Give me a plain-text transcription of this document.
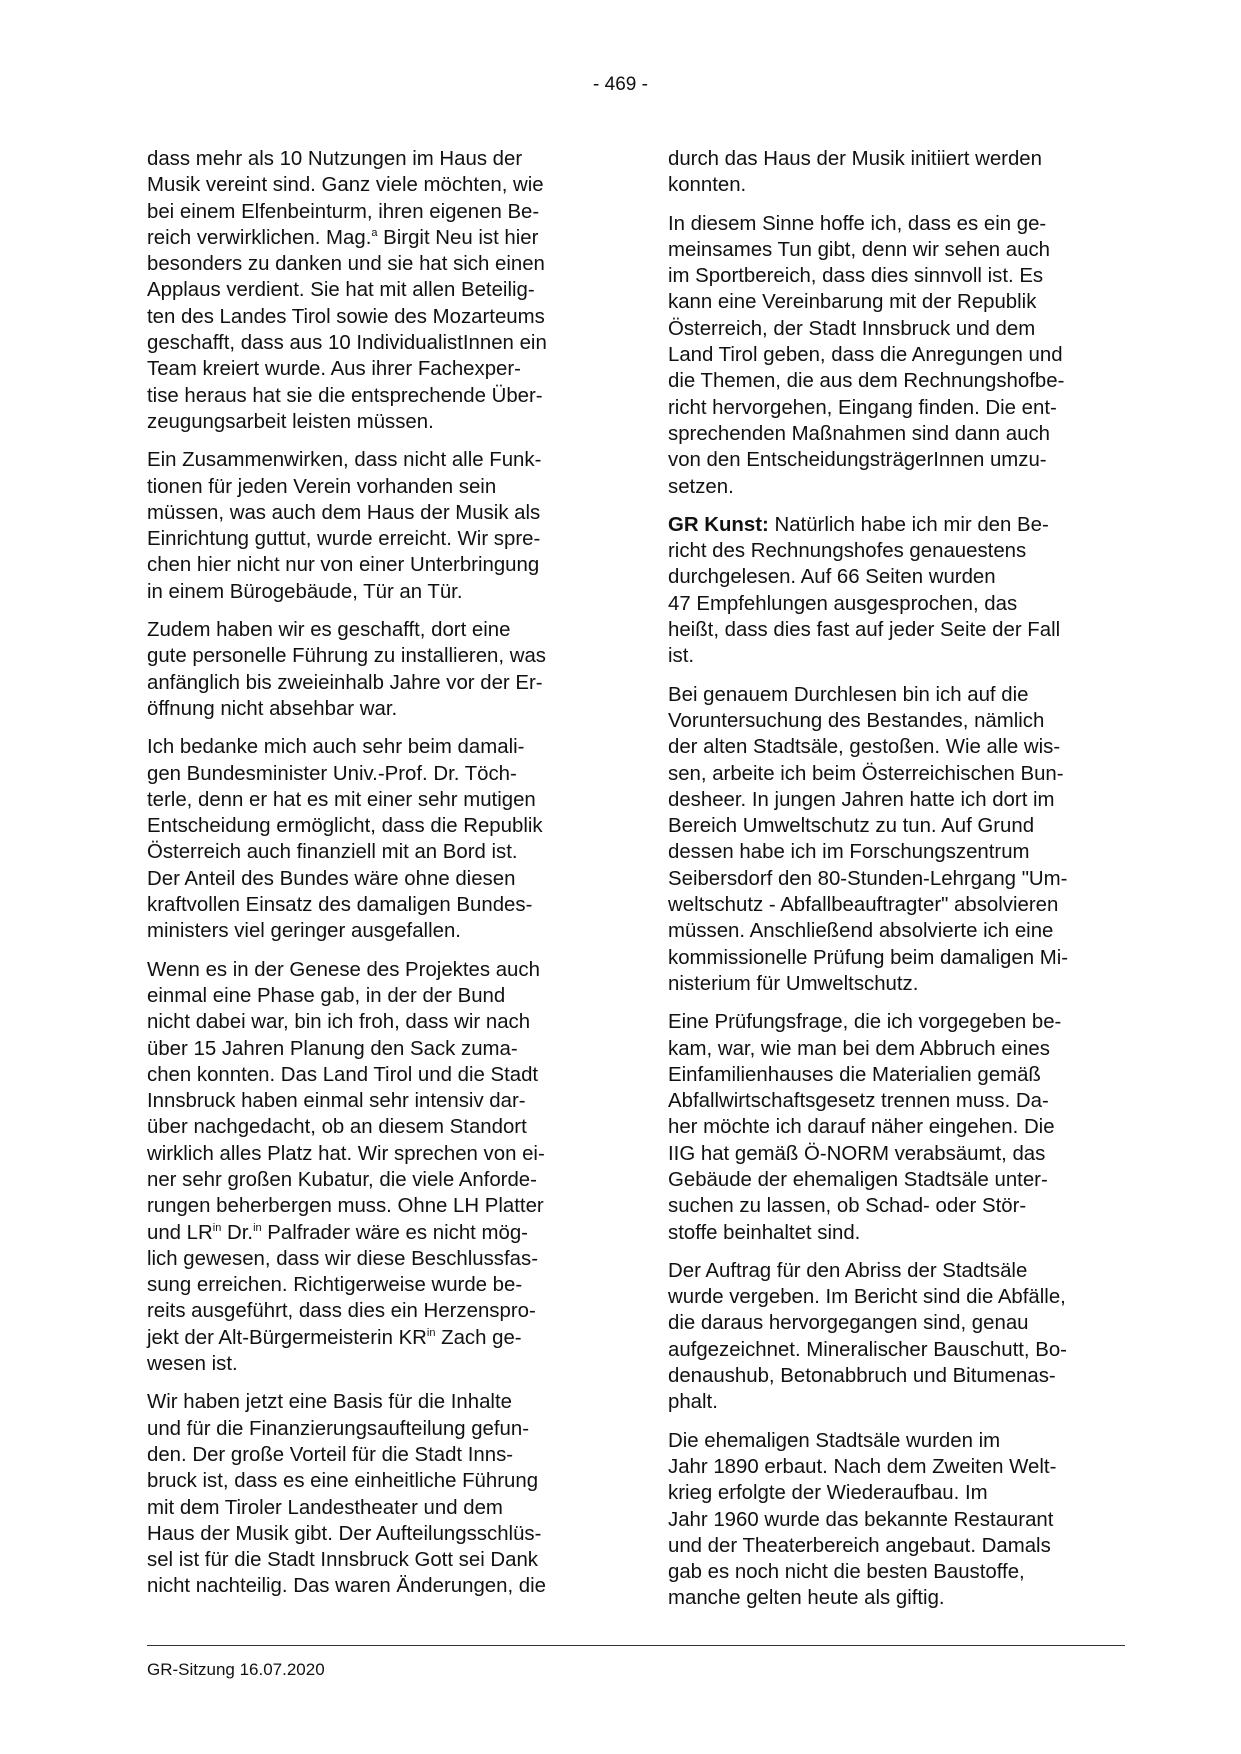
- 469 -

dass mehr als 10 Nutzungen im Haus der
Musik vereint sind. Ganz viele möchten, wie
bei einem Elfenbeinturm, ihren eigenen Be-
reich verwirklichen. Mag.$^a$ Birgit Neu ist hier
besonders zu danken und sie hat sich einen
Applaus verdient. Sie hat mit allen Beteilig-
ten des Landes Tirol sowie des Mozarteums
geschafft, dass aus 10 IndividualistInnen ein
Team kreiert wurde. Aus ihrer Fachexper-
tise heraus hat sie die entsprechende Über-
zeugungsarbeit leisten müssen.

Ein Zusammenwirken, dass nicht alle Funk-
tionen für jeden Verein vorhanden sein
müssen, was auch dem Haus der Musik als
Einrichtung guttut, wurde erreicht. Wir spre-
chen hier nicht nur von einer Unterbringung
in einem Bürogebäude, Tür an Tür.

Zudem haben wir es geschafft, dort eine
gute personelle Führung zu installieren, was
anfänglich bis zweieinhalb Jahre vor der Er-
öffnung nicht absehbar war.

Ich bedanke mich auch sehr beim damali-
gen Bundesminister Univ.-Prof. Dr. Töch-
terle, denn er hat es mit einer sehr mutigen
Entscheidung ermöglicht, dass die Republik
Österreich auch finanziell mit an Bord ist.
Der Anteil des Bundes wäre ohne diesen
kraftvollen Einsatz des damaligen Bundes-
ministers viel geringer ausgefallen.

Wenn es in der Genese des Projektes auch
einmal eine Phase gab, in der der Bund
nicht dabei war, bin ich froh, dass wir nach
über 15 Jahren Planung den Sack zuma-
chen konnten. Das Land Tirol und die Stadt
Innsbruck haben einmal sehr intensiv dar-
über nachgedacht, ob an diesem Standort
wirklich alles Platz hat. Wir sprechen von ei-
ner sehr großen Kubatur, die viele Anforde-
rungen beherbergen muss. Ohne LH Platter
und $LR^{in}$ Dr.$^{in}$ Palfrader wäre es nicht mög-
lich gewesen, dass wir diese Beschlussfas-
sung erreichen. Richtigerweise wurde be-
reits ausgeführt, dass dies ein Herzenspro-
jekt der Alt-Bürgermeisterin $KR^{in}$ Zach ge-
wesen ist.

Wir haben jetzt eine Basis für die Inhalte
und für die Finanzierungsaufteilung gefun-
den. Der große Vorteil für die Stadt Inns-
bruck ist, dass es eine einheitliche Führung
mit dem Tiroler Landestheater und dem
Haus der Musik gibt. Der Aufteilungsschlüs-
sel ist für die Stadt Innsbruck Gott sei Dank
nicht nachteilig. Das waren Änderungen, die

durch das Haus der Musik initiiert werden
konnten.

In diesem Sinne hoffe ich, dass es ein ge-
meinsames Tun gibt, denn wir sehen auch
im Sportbereich, dass dies sinnvoll ist. Es
kann eine Vereinbarung mit der Republik
Österreich, der Stadt Innsbruck und dem
Land Tirol geben, dass die Anregungen und
die Themen, die aus dem Rechnungshofbe-
richt hervorgehen, Eingang finden. Die ent-
sprechenden Maßnahmen sind dann auch
von den EntscheidungsträgerInnen umzu-
setzen.

GR Kunst: Natürlich habe ich mir den Be-
richt des Rechnungshofes genauestens
durchgelesen. Auf 66 Seiten wurden
47 Empfehlungen ausgesprochen, das
heißt, dass dies fast auf jeder Seite der Fall
ist.

Bei genauem Durchlesen bin ich auf die
Voruntersuchung des Bestandes, nämlich
der alten Stadtsäle, gestoßen. Wie alle wis-
sen, arbeite ich beim Österreichischen Bun-
desheer. In jungen Jahren hatte ich dort im
Bereich Umweltschutz zu tun. Auf Grund
dessen habe ich im Forschungszentrum
Seibersdorf den 80-Stunden-Lehrgang "Um-
weltschutz - Abfallbeauftragter" absolvieren
müssen. Anschließend absolvierte ich eine
kommissionelle Prüfung beim damaligen Mi-
nisterium für Umweltschutz.

Eine Prüfungsfrage, die ich vorgegeben be-
kam, war, wie man bei dem Abbruch eines
Einfamilienhauses die Materialien gemäß
Abfallwirtschaftsgesetz trennen muss. Da-
her möchte ich darauf näher eingehen. Die
IIG hat gemäß Ö-NORM verabsäumt, das
Gebäude der ehemaligen Stadtsäle unter-
suchen zu lassen, ob Schad- oder Stör-
stoffe beinhaltet sind.

Der Auftrag für den Abriss der Stadtsäle
wurde vergeben. Im Bericht sind die Abfälle,
die daraus hervorgegangen sind, genau
aufgezeichnet. Mineralischer Bauschutt, Bo-
denaushub, Betonabbruch und Bitumenas-
phalt.

Die ehemaligen Stadtsäle wurden im
Jahr 1890 erbaut. Nach dem Zweiten Welt-
krieg erfolgte der Wiederaufbau. Im
Jahr 1960 wurde das bekannte Restaurant
und der Theaterbereich angebaut. Damals
gab es noch nicht die besten Baustoffe,
manche gelten heute als giftig.

GR-Sitzung 16.07.2020
